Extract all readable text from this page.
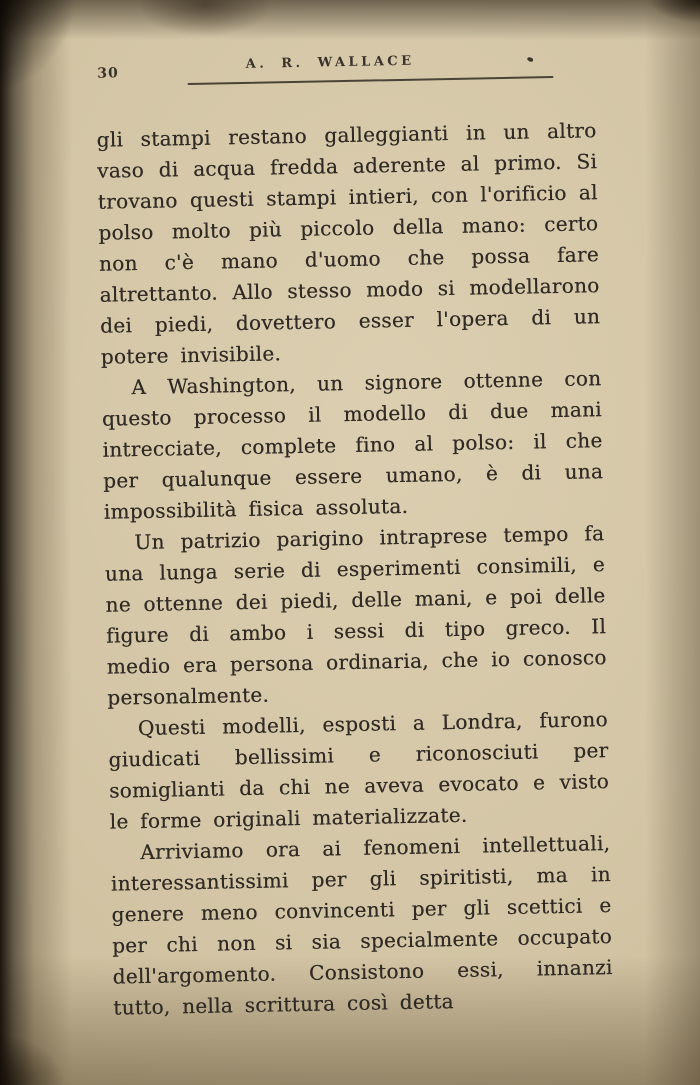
30
A. R. WALLACE

gli stampi restano galleggianti in un altro vaso di acqua fredda aderente al primo. Si trovano questi stampi intieri, con l'orificio al polso molto più piccolo della mano: certo non c'è mano d'uomo che possa fare altrettanto. Allo stesso modo si modellarono dei piedi, dovettero esser l'opera di un potere invisibile.

A Washington, un signore ottenne con questo processo il modello di due mani intrecciate, complete fino al polso: il che per qualunque essere umano, è di una impossibilità fisica assoluta.

Un patrizio parigino intraprese tempo fa una lunga serie di esperimenti consimili, e ne ottenne dei piedi, delle mani, e poi delle figure di ambo i sessi di tipo greco. Il medio era persona ordinaria, che io conosco personalmente.

Questi modelli, esposti a Londra, furono giudicati bellissimi e riconosciuti per somiglianti da chi ne aveva evocato e visto le forme originali materializzate.

Arriviamo ora ai fenomeni intellettuali, interessantissimi per gli spiritisti, ma in genere meno convincenti per gli scettici e per chi non si sia specialmente occupato dell'argomento. Consistono essi, innanzi tutto, nella scrittura così detta
